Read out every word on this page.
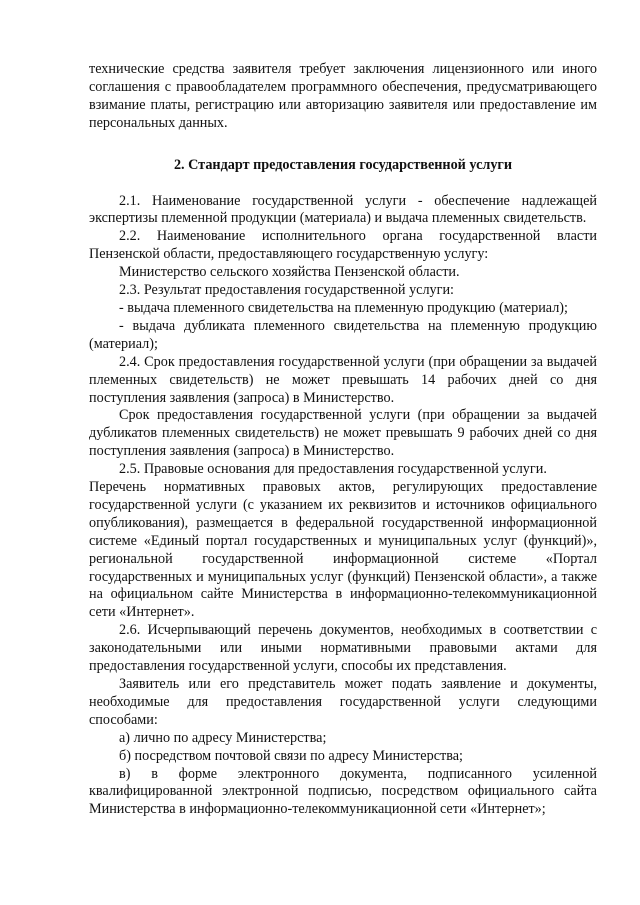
технические средства заявителя требует заключения лицензионного или иного соглашения с правообладателем программного обеспечения, предусматривающего взимание платы, регистрацию или авторизацию заявителя или предоставление им персональных данных.

2. Стандарт предоставления государственной услуги

2.1. Наименование государственной услуги - обеспечение надлежащей экспертизы племенной продукции (материала) и выдача племенных свидетельств.

2.2. Наименование исполнительного органа государственной власти Пензенской области, предоставляющего государственную услугу:

Министерство сельского хозяйства Пензенской области.

2.3. Результат предоставления государственной услуги:

- выдача племенного свидетельства на племенную продукцию (материал);

- выдача дубликата племенного свидетельства на племенную продукцию (материал);

2.4. Срок предоставления государственной услуги (при обращении за выдачей племенных свидетельств) не может превышать 14 рабочих дней со дня поступления заявления (запроса) в Министерство.

Срок предоставления государственной услуги (при обращении за выдачей дубликатов племенных свидетельств) не может превышать 9 рабочих дней со дня поступления заявления (запроса) в Министерство.

2.5. Правовые основания для предоставления государственной услуги.

Перечень нормативных правовых актов, регулирующих предоставление государственной услуги (с указанием их реквизитов и источников официального опубликования), размещается в федеральной государственной информационной системе «Единый портал государственных и муниципальных услуг (функций)», региональной государственной информационной системе «Портал государственных и муниципальных услуг (функций) Пензенской области», а также на официальном сайте Министерства в информационно-телекоммуникационной сети «Интернет».

2.6. Исчерпывающий перечень документов, необходимых в соответствии с законодательными или иными нормативными правовыми актами для предоставления государственной услуги, способы их представления.

Заявитель или его представитель может подать заявление и документы, необходимые для предоставления государственной услуги следующими способами:

а) лично по адресу Министерства;

б) посредством почтовой связи по адресу Министерства;

в) в форме электронного документа, подписанного усиленной квалифицированной электронной подписью, посредством официального сайта Министерства в информационно-телекоммуникационной сети «Интернет»;
